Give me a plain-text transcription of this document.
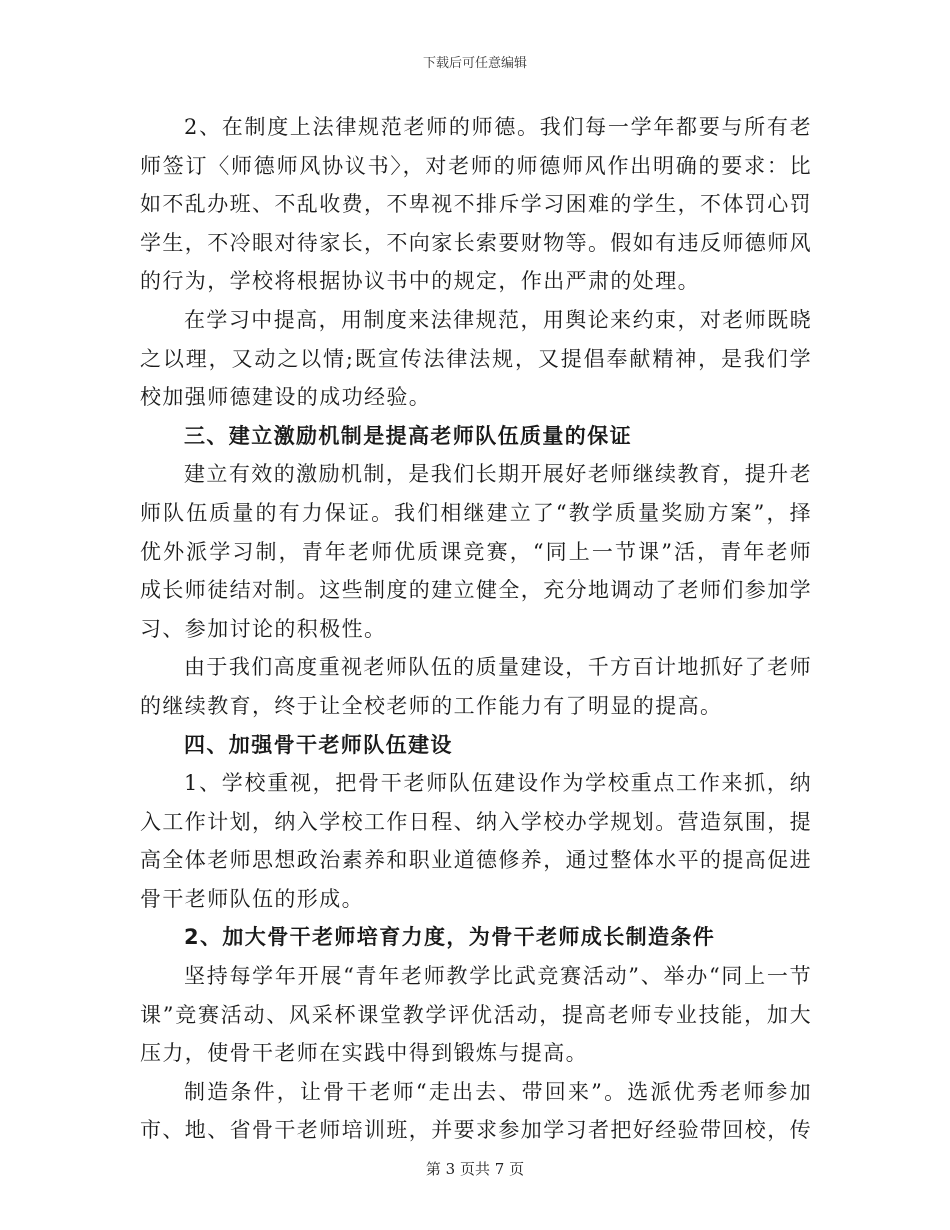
下载后可任意编辑

2、在制度上法律规范老师的师德。我们每一学年都要与所有老师签订〈师德师风协议书〉，对老师的师德师风作出明确的要求：比如不乱办班、不乱收费，不卑视不排斥学习困难的学生，不体罚心罚学生，不冷眼对待家长，不向家长索要财物等。假如有违反师德师风的行为，学校将根据协议书中的规定，作出严肃的处理。

在学习中提高，用制度来法律规范，用舆论来约束，对老师既晓之以理，又动之以情;既宣传法律法规，又提倡奉献精神，是我们学校加强师德建设的成功经验。

三、建立激励机制是提高老师队伍质量的保证

建立有效的激励机制，是我们长期开展好老师继续教育，提升老师队伍质量的有力保证。我们相继建立了“教学质量奖励方案”，择优外派学习制，青年老师优质课竞赛，“同上一节课”活，青年老师成长师徒结对制。这些制度的建立健全，充分地调动了老师们参加学习、参加讨论的积极性。

由于我们高度重视老师队伍的质量建设，千方百计地抓好了老师的继续教育，终于让全校老师的工作能力有了明显的提高。

四、加强骨干老师队伍建设

1、学校重视，把骨干老师队伍建设作为学校重点工作来抓，纳入工作计划，纳入学校工作日程、纳入学校办学规划。营造氛围，提高全体老师思想政治素养和职业道德修养，通过整体水平的提高促进骨干老师队伍的形成。

2、加大骨干老师培育力度，为骨干老师成长制造条件

坚持每学年开展“青年老师教学比武竞赛活动”、举办“同上一节课”竞赛活动、风采杯课堂教学评优活动，提高老师专业技能，加大压力，使骨干老师在实践中得到锻炼与提高。

制造条件，让骨干老师“走出去、带回来”。选派优秀老师参加市、地、省骨干老师培训班，并要求参加学习者把好经验带回校，传

第 3 页共 7 页
